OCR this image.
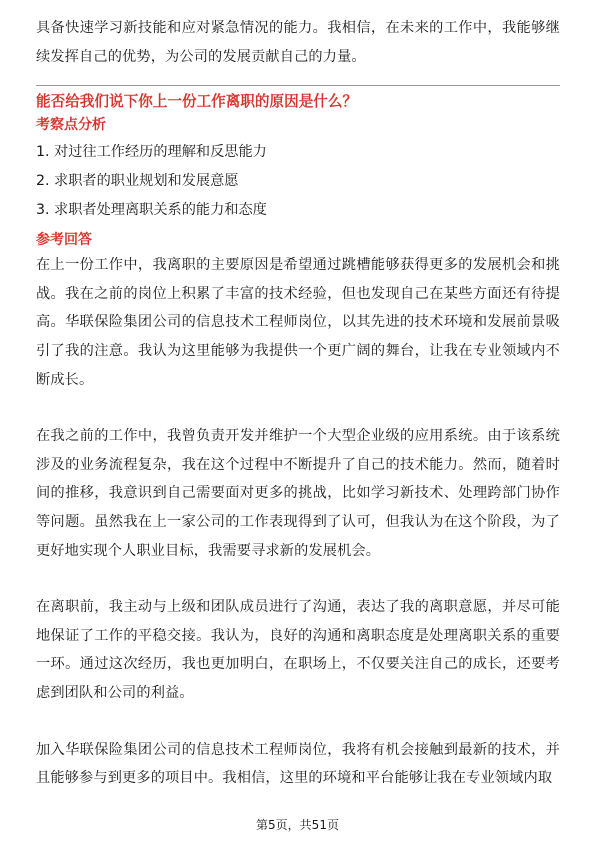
具备快速学习新技能和应对紧急情况的能力。我相信，在未来的工作中，我能够继续发挥自己的优势，为公司的发展贡献自己的力量。

能否给我们说下你上一份工作离职的原因是什么？

考察点分析

1. 对过往工作经历的理解和反思能力
2. 求职者的职业规划和发展意愿
3. 求职者处理离职关系的能力和态度

参考回答

在上一份工作中，我离职的主要原因是希望通过跳槽能够获得更多的发展机会和挑战。我在之前的岗位上积累了丰富的技术经验，但也发现自己在某些方面还有待提高。华联保险集团公司的信息技术工程师岗位，以其先进的技术环境和发展前景吸引了我的注意。我认为这里能够为我提供一个更广阔的舞台，让我在专业领域内不断成长。

在我之前的工作中，我曾负责开发并维护一个大型企业级的应用系统。由于该系统涉及的业务流程复杂，我在这个过程中不断提升了自己的技术能力。然而，随着时间的推移，我意识到自己需要面对更多的挑战，比如学习新技术、处理跨部门协作等问题。虽然我在上一家公司的工作表现得到了认可，但我认为在这个阶段，为了更好地实现个人职业目标，我需要寻求新的发展机会。

在离职前，我主动与上级和团队成员进行了沟通，表达了我的离职意愿，并尽可能地保证了工作的平稳交接。我认为，良好的沟通和离职态度是处理离职关系的重要一环。通过这次经历，我也更加明白，在职场上，不仅要关注自己的成长，还要考虑到团队和公司的利益。

加入华联保险集团公司的信息技术工程师岗位，我将有机会接触到最新的技术，并且能够参与到更多的项目中。我相信，这里的环境和平台能够让我在专业领域内取

第5页，共51页
